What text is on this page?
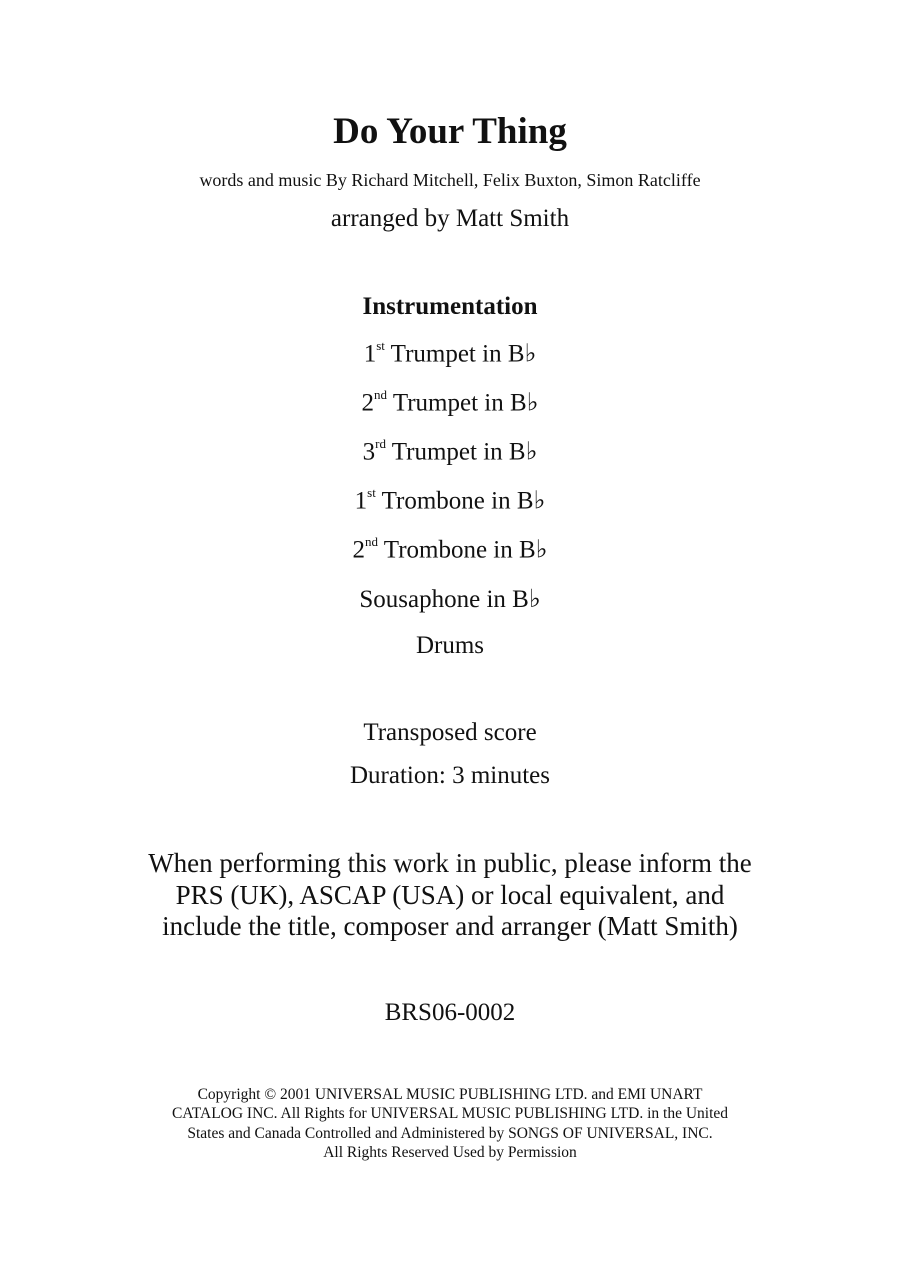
Do Your Thing
words and music By Richard Mitchell, Felix Buxton, Simon Ratcliffe
arranged by Matt Smith
Instrumentation
1st Trumpet in B♭
2nd Trumpet in B♭
3rd Trumpet in B♭
1st Trombone in B♭
2nd Trombone in B♭
Sousaphone in B♭
Drums
Transposed score
Duration: 3 minutes
When performing this work in public, please inform the
PRS (UK), ASCAP (USA) or local equivalent, and
include the title, composer and arranger (Matt Smith)
BRS06-0002
Copyright © 2001 UNIVERSAL MUSIC PUBLISHING LTD. and EMI UNART
CATALOG INC. All Rights for UNIVERSAL MUSIC PUBLISHING LTD. in the United
States and Canada Controlled and Administered by SONGS OF UNIVERSAL, INC.
All Rights Reserved Used by Permission
